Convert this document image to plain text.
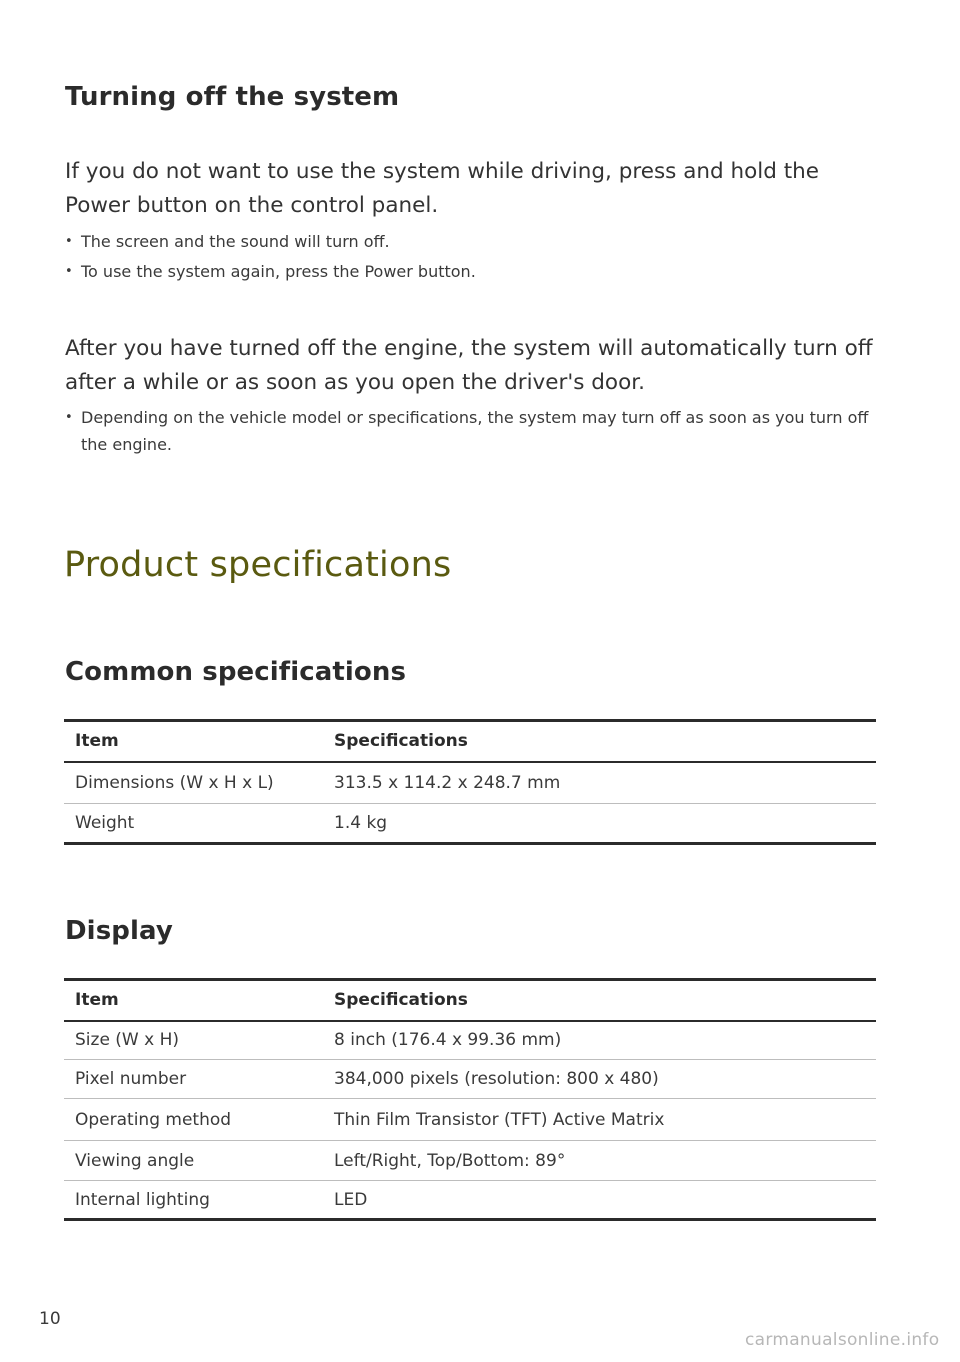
Turning off the system
If you do not want to use the system while driving, press and hold the Power button on the control panel.
• The screen and the sound will turn off.
• To use the system again, press the Power button.
After you have turned off the engine, the system will automatically turn off after a while or as soon as you open the driver's door.
• Depending on the vehicle model or specifications, the system may turn off as soon as you turn off the engine.
Product specifications
Common specifications
Item	Specifications
Dimensions (W x H x L)	313.5 x 114.2 x 248.7 mm
Weight	1.4 kg
Display
Item	Specifications
Size (W x H)	8 inch (176.4 x 99.36 mm)
Pixel number	384,000 pixels (resolution: 800 x 480)
Operating method	Thin Film Transistor (TFT) Active Matrix
Viewing angle	Left/Right, Top/Bottom: 89°
Internal lighting	LED
10
carmanualsonline.info
